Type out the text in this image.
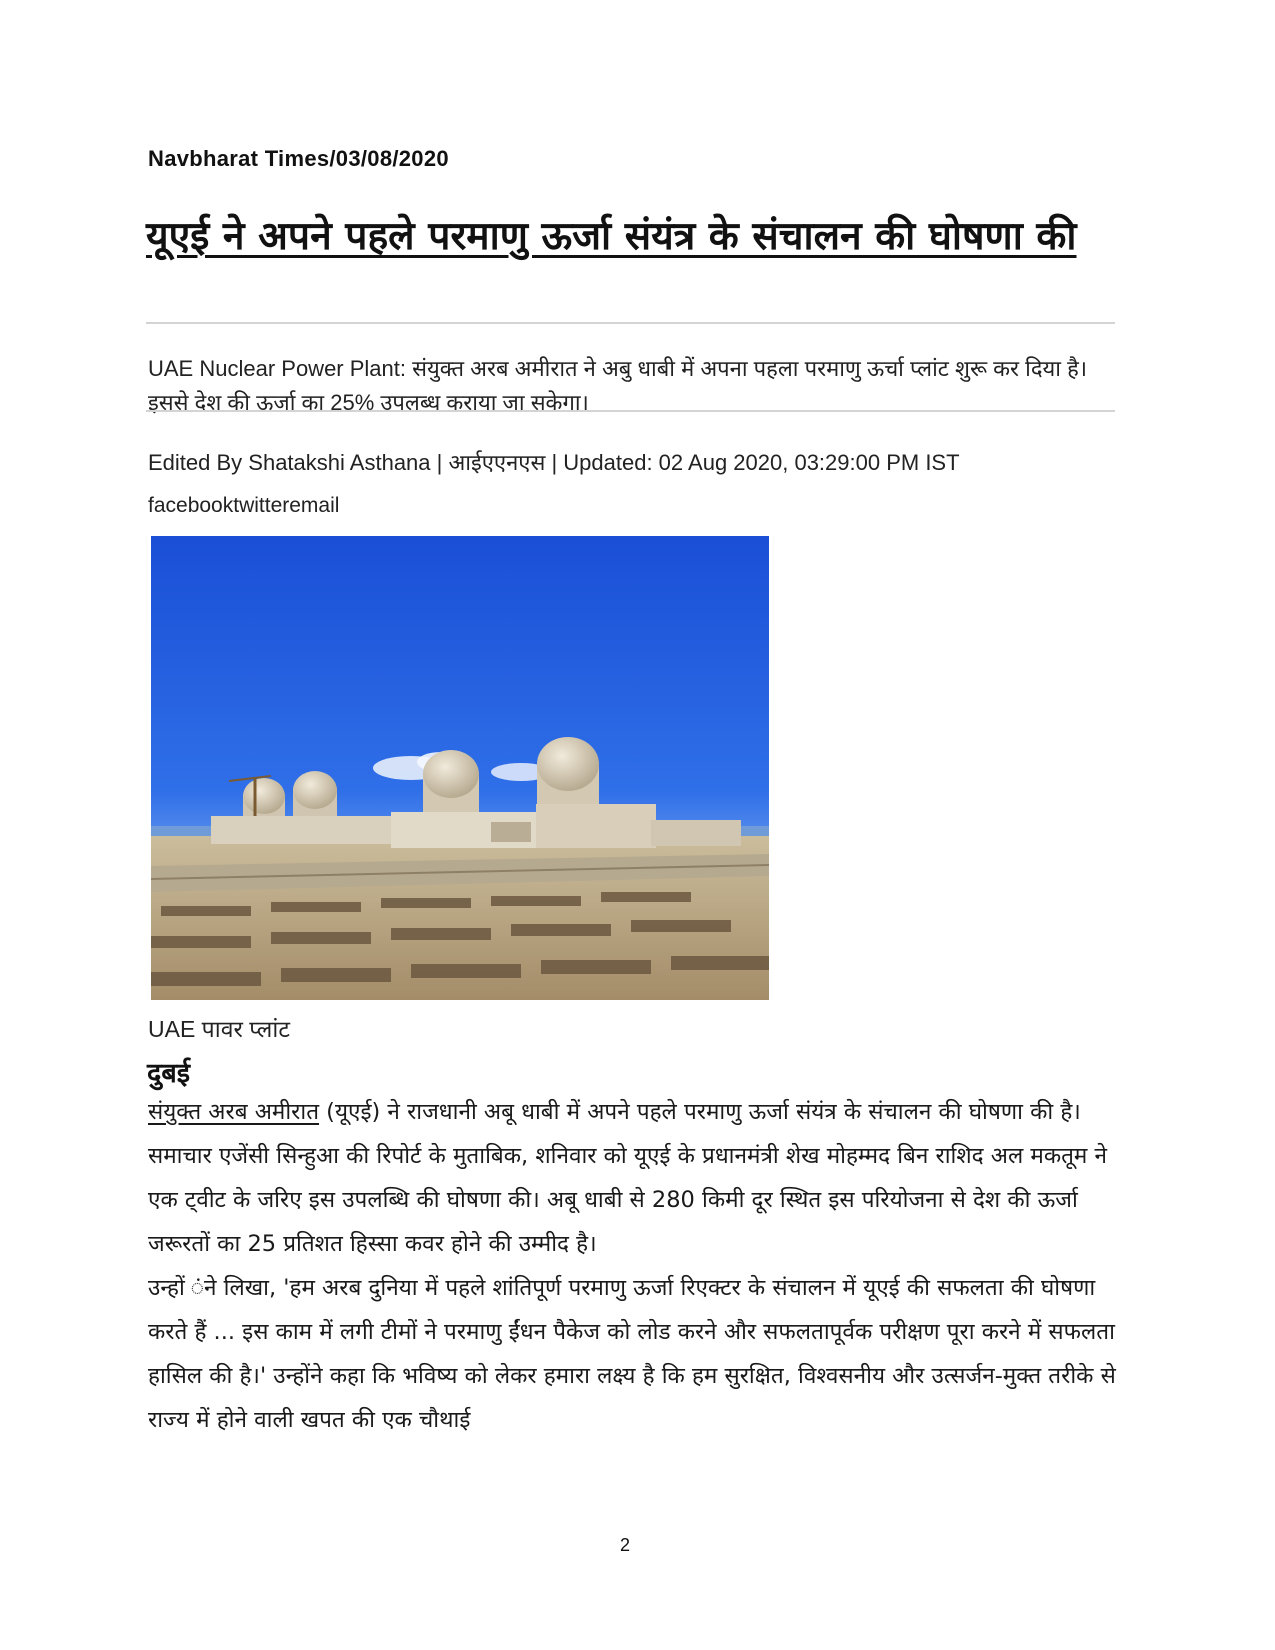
Navbharat Times/03/08/2020
यूएई ने अपने पहले परमाणु ऊर्जा संयंत्र के संचालन की घोषणा की

UAE Nuclear Power Plant: संयुक्त अरब अमीरात ने अबु धाबी में अपना पहला परमाणु ऊर्चा प्लांट शुरू कर दिया है। इससे देश की ऊर्जा का 25% उपलब्ध कराया जा सकेगा।

Edited By Shatakshi Asthana | आईएएनएस | Updated: 02 Aug 2020, 03:29:00 PM IST
facebooktwitteremail
UAE पावर प्लांट
दुबई

संयुक्त अरब अमीरात (यूएई) ने राजधानी अबू धाबी में अपने पहले परमाणु ऊर्जा संयंत्र के संचालन की घोषणा की है। समाचार एजेंसी सिन्हुआ की रिपोर्ट के मुताबिक, शनिवार को यूएई के प्रधानमंत्री शेख मोहम्मद बिन राशिद अल मकतूम ने एक ट्वीट के जरिए इस उपलब्धि की घोषणा की। अबू धाबी से 280 किमी दूर स्थित इस परियोजना से देश की ऊर्जा जरूरतों का 25 प्रतिशत हिस्सा कवर होने की उम्मीद है।

उन्हों ंंने लिखा, 'हम अरब दुनिया में पहले शांतिपूर्ण परमाणु ऊर्जा रिएक्टर के संचालन में यूएई की सफलता की घोषणा करते हैं ... इस काम में लगी टीमों ने परमाणु ईंधन पैकेज को लोड करने और सफलतापूर्वक परीक्षण पूरा करने में सफलता हासिल की है।' उन्होंने कहा कि भविष्य को लेकर हमारा लक्ष्य है कि हम सुरक्षित, विश्वसनीय और उत्सर्जन-मुक्त तरीके से राज्य में होने वाली खपत की एक चौथाई

2
